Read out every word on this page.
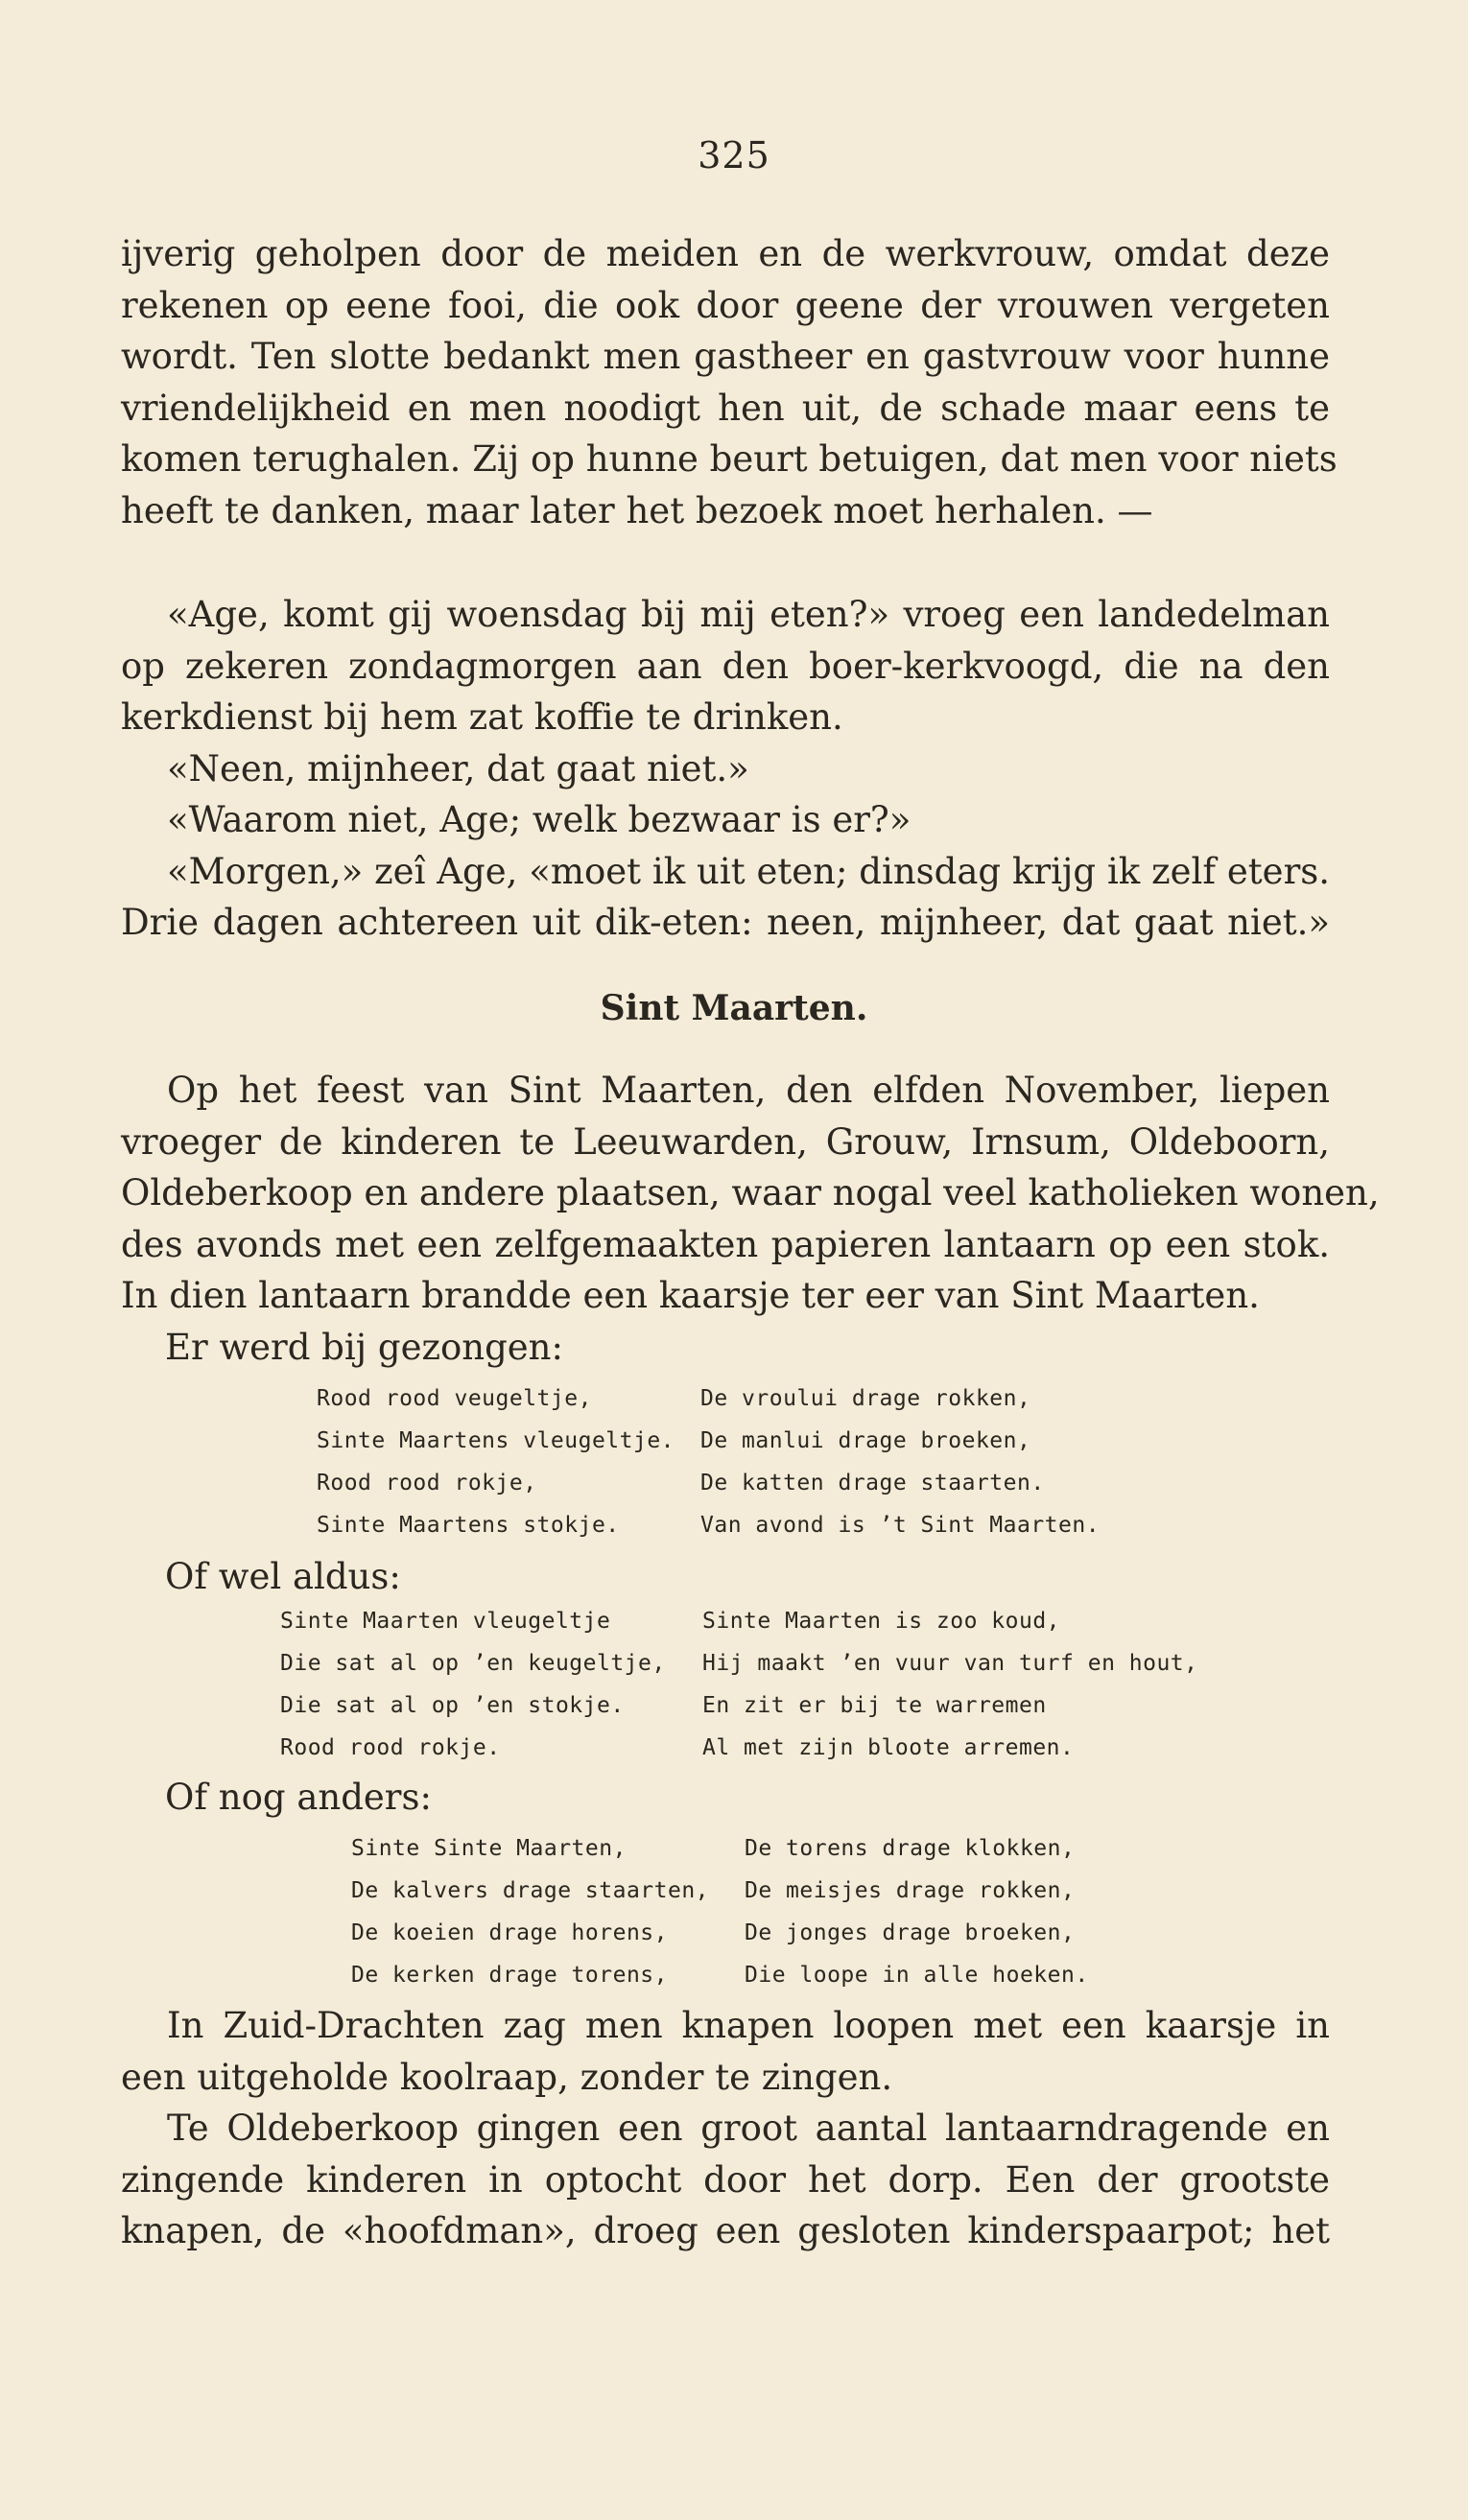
325
ijverig geholpen door de meiden en de werkvrouw, omdat deze
rekenen op eene fooi, die ook door geene der vrouwen vergeten
wordt. Ten slotte bedankt men gastheer en gastvrouw voor hunne
vriendelijkheid en men noodigt hen uit, de schade maar eens te
komen terughalen. Zij op hunne beurt betuigen, dat men voor niets
heeft te danken, maar later het bezoek moet herhalen. —
«Age, komt gij woensdag bij mij eten?» vroeg een landedelman
op zekeren zondagmorgen aan den boer-kerkvoogd, die na den
kerkdienst bij hem zat koffie te drinken.
«Neen, mijnheer, dat gaat niet.»
«Waarom niet, Age; welk bezwaar is er?»
«Morgen,» zeî Age, «moet ik uit eten; dinsdag krijg ik zelf eters.
Drie dagen achtereen uit dik-eten: neen, mijnheer, dat gaat niet.»
Sint Maarten.
Op het feest van Sint Maarten, den elfden November, liepen
vroeger de kinderen te Leeuwarden, Grouw, Irnsum, Oldeboorn,
Oldeberkoop en andere plaatsen, waar nogal veel katholieken wonen,
des avonds met een zelfgemaakten papieren lantaarn op een stok.
In dien lantaarn brandde een kaarsje ter eer van Sint Maarten.
Er werd bij gezongen:
Rood rood veugeltje,
Sinte Maartens vleugeltje.
Rood rood rokje,
Sinte Maartens stokje.
De vroului drage rokken,
De manlui drage broeken,
De katten drage staarten.
Van avond is ’t Sint Maarten.
Of wel aldus:
Sinte Maarten vleugeltje
Die sat al op ’en keugeltje,
Die sat al op ’en stokje.
Rood rood rokje.
Sinte Maarten is zoo koud,
Hij maakt ’en vuur van turf en hout,
En zit er bij te warremen
Al met zijn bloote arremen.
Of nog anders:
Sinte Sinte Maarten,
De kalvers drage staarten,
De koeien drage horens,
De kerken drage torens,
De torens drage klokken,
De meisjes drage rokken,
De jonges drage broeken,
Die loope in alle hoeken.
In Zuid-Drachten zag men knapen loopen met een kaarsje in
een uitgeholde koolraap, zonder te zingen.
Te Oldeberkoop gingen een groot aantal lantaarndragende en
zingende kinderen in optocht door het dorp. Een der grootste
knapen, de «hoofdman», droeg een gesloten kinderspaarpot; het
